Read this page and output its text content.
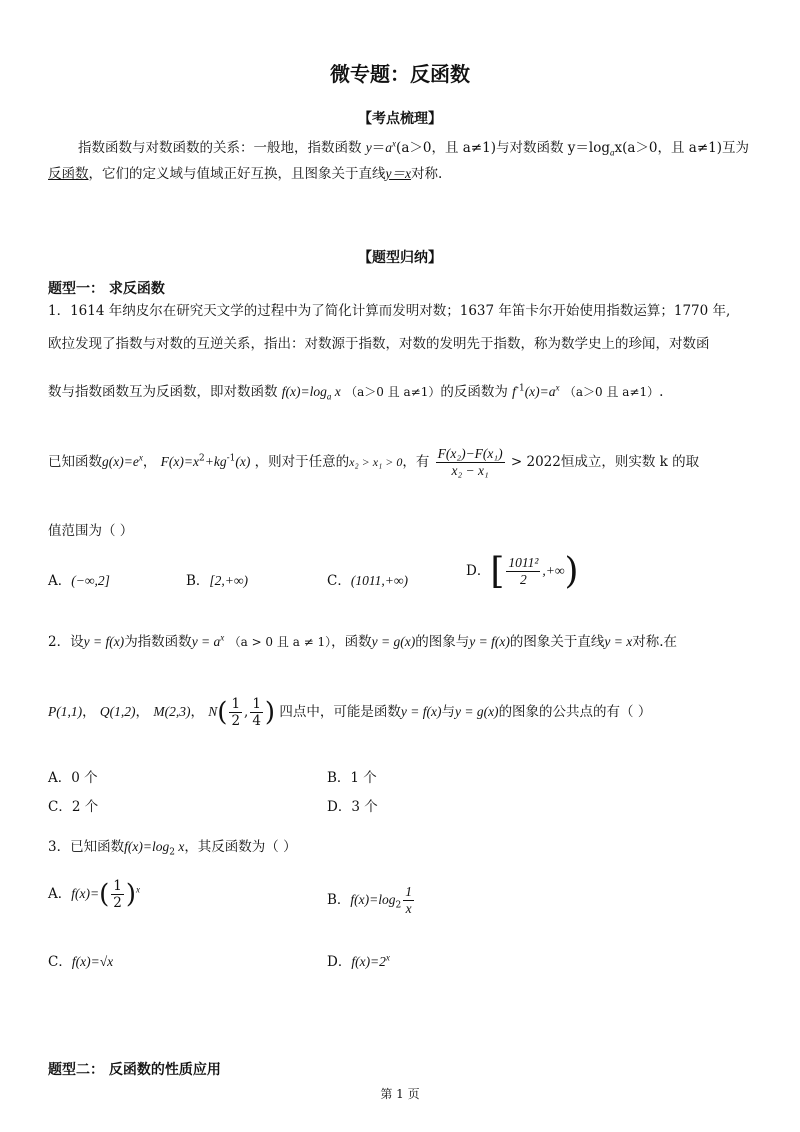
微专题：反函数
【考点梳理】
指数函数与对数函数的关系：一般地，指数函数 $y=a^x(a>0$，且 a≠1)与对数函数 $y=\log_ax(a>0$，且 a≠1)互为
反函数，它们的定义域与值域正好互换，且图象关于直线y＝x对称.
【题型归纳】
题型一： 求反函数
1．1614 年纳皮尔在研究天文学的过程中为了简化计算而发明对数；1637 年笛卡尔开始使用指数运算；1770 年,
欧拉发现了指数与对数的互逆关系，指出：对数源于指数，对数的发明先于指数，称为数学史上的珍闻，对数函
数与指数函数互为反函数，即对数函数 $f(x)=\log_a$ x （a＞0 且 a≠1）的反函数为 $f^{-1}(x)=a^x$ （a＞0 且 a≠1）.
已知函数$g(x)=e^x$， $F(x)=x^2+kg^{-1}(x)$ ，则对于任意的x₂ > x₁ > 0，有 $\frac{\text{F(x₂)−F(x₁)}}{\text{x₂ − x₁}} > 2022$恒成立，则实数 k 的取
值范围为（ ）
A．(−∞,2]	B．[2,+∞)	C．(1011,+∞)
D．[ $\frac{\text{1011²}}{2}$ ,+∞)
2．设y = f(x)为指数函数$y = a^x$ （a > 0 且 a ≠ 1），函数y = g(x)的图象与y = f(x)的图象关于直线y = x对称.在
P(1,1)， Q(1,2)， M(2,3)， $N( \frac{1}{2}$ , $\frac{1}{4}$ ) 四点中，可能是函数y = f(x)与y = g(x)的图象的公共点的有（ ）
A．0 个	B．1 个
C．2 个	D．3 个
3．已知函数$f(x)=\log_2$ x，其反函数为（ ）
A．$f(x)=( \frac{1}{2} )^x$
B．$f(x)=\log_2 \frac{1}{x}$
C．f(x)=√x	D．$f(x)=2^x$
题型二： 反函数的性质应用
第 1 页
